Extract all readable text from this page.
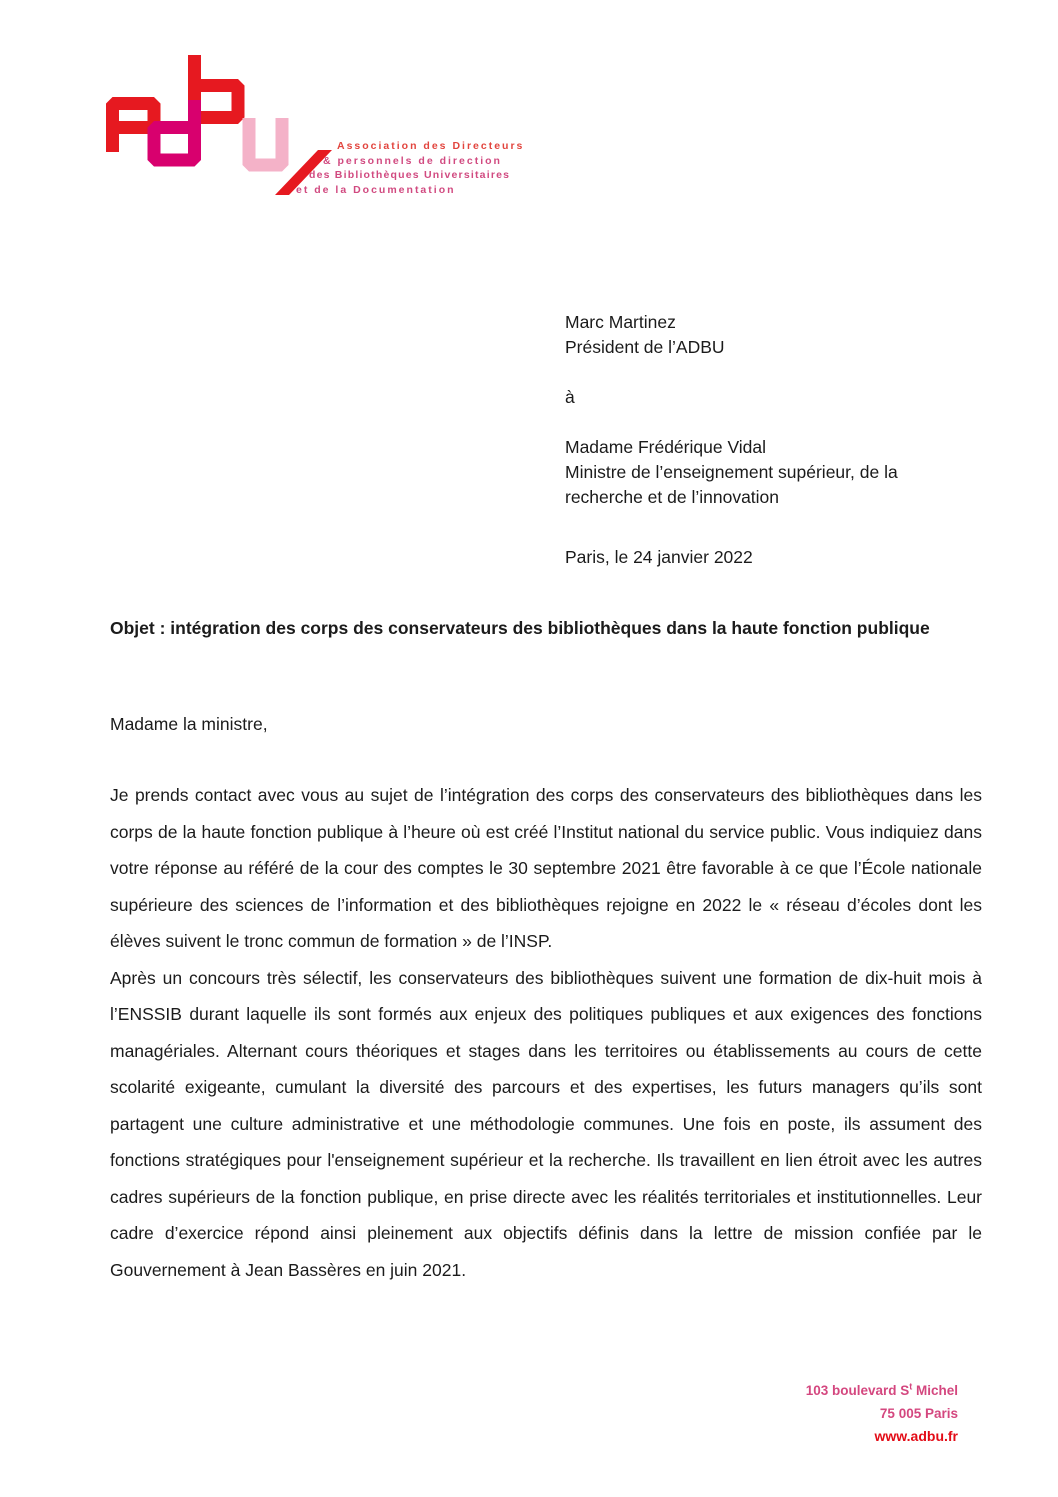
Association des Directeurs
& personnels de direction
des Bibliothèques Universitaires
et de la Documentation
Marc Martinez
Président de l’ADBU
à
Madame Frédérique Vidal
Ministre de l’enseignement supérieur, de la
recherche et de l’innovation
Paris, le 24 janvier 2022
Objet : intégration des corps des conservateurs des bibliothèques dans la haute fonction publique
Madame la ministre,

Je prends contact avec vous au sujet de l’intégration des corps des conservateurs des bibliothèques dans les corps de la haute fonction publique à l’heure où est créé l’Institut national du service public. Vous indiquiez dans votre réponse au référé de la cour des comptes le 30 septembre 2021 être favorable à ce que l’École nationale supérieure des sciences de l’information et des bibliothèques rejoigne en 2022 le « réseau d’écoles dont les élèves suivent le tronc commun de formation » de l’INSP.

Après un concours très sélectif, les conservateurs des bibliothèques suivent une formation de dix-huit mois à l’ENSSIB durant laquelle ils sont formés aux enjeux des politiques publiques et aux exigences des fonctions managériales. Alternant cours théoriques et stages dans les territoires ou établissements au cours de cette scolarité exigeante, cumulant la diversité des parcours et des expertises, les futurs managers qu’ils sont partagent une culture administrative et une méthodologie communes. Une fois en poste, ils assument des fonctions stratégiques pour l'enseignement supérieur et la recherche. Ils travaillent en lien étroit avec les autres cadres supérieurs de la fonction publique, en prise directe avec les réalités territoriales et institutionnelles. Leur cadre d’exercice répond ainsi pleinement aux objectifs définis dans la lettre de mission confiée par le Gouvernement à Jean Bassères en juin 2021.

103 boulevard $S^t$ Michel
75 005 Paris
www.adbu.fr
